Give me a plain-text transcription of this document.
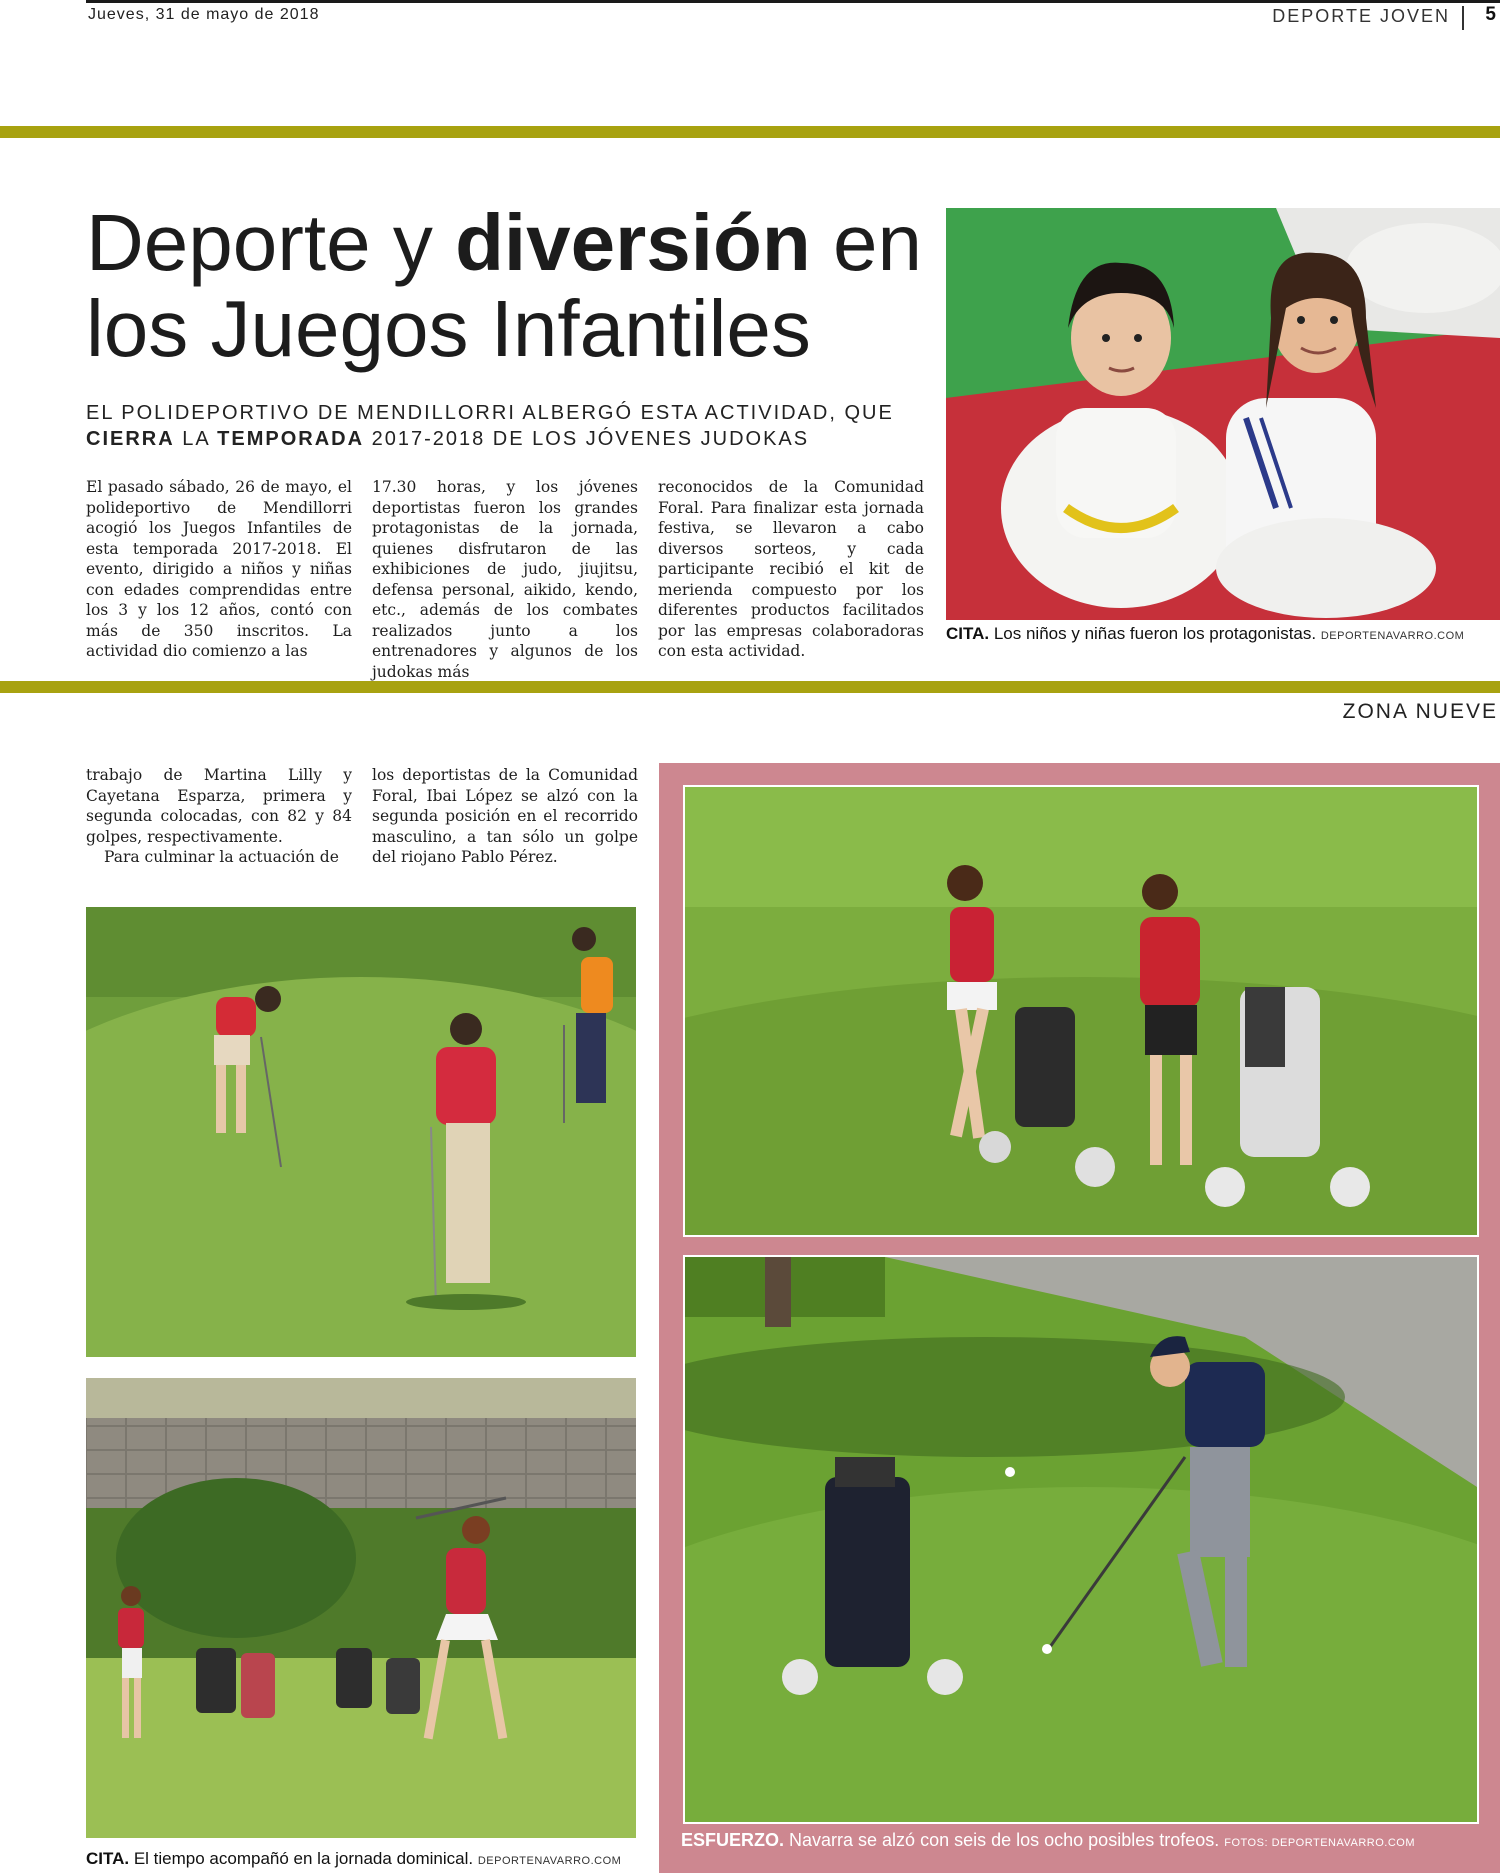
Jueves, 31 de mayo de 2018	DEPORTE JOVEN 5
Deporte y diversión en los Juegos Infantiles

EL POLIDEPORTIVO DE MENDILLORRI ALBERGÓ ESTA ACTIVIDAD, QUE CIERRA LA TEMPORADA 2017-2018 DE LOS JÓVENES JUDOKAS

El pasado sábado, 26 de mayo, el polideportivo de Mendillorri acogió los Juegos Infantiles de esta temporada 2017-2018. El evento, dirigido a niños y niñas con edades comprendidas entre los 3 y los 12 años, contó con más de 350 inscritos. La actividad dio comienzo a las

17.30 horas, y los jóvenes deportistas fueron los grandes protagonistas de la jornada, quienes disfrutaron de las exhibiciones de judo, jiujitsu, defensa personal, aikido, kendo, etc., además de los combates realizados junto a los entrenadores y algunos de los judokas más

reconocidos de la Comunidad Foral. Para finalizar esta jornada festiva, se llevaron a cabo diversos sorteos, y cada participante recibió el kit de merienda compuesto por los diferentes productos facilitados por las empresas colaboradoras con esta actividad.

CITA. Los niños y niñas fueron los protagonistas. DEPORTENAVARRO.COM
ZONA NUEVE

trabajo de Martina Lilly y Cayetana Esparza, primera y segunda colocadas, con 82 y 84 golpes, respectivamente.
Para culminar la actuación de

los deportistas de la Comunidad Foral, Ibai López se alzó con la segunda posición en el recorrido masculino, a tan sólo un golpe del riojano Pablo Pérez.

CITA. El tiempo acompañó en la jornada dominical. DEPORTENAVARRO.COM
ESFUERZO. Navarra se alzó con seis de los ocho posibles trofeos. FOTOS: DEPORTENAVARRO.COM
